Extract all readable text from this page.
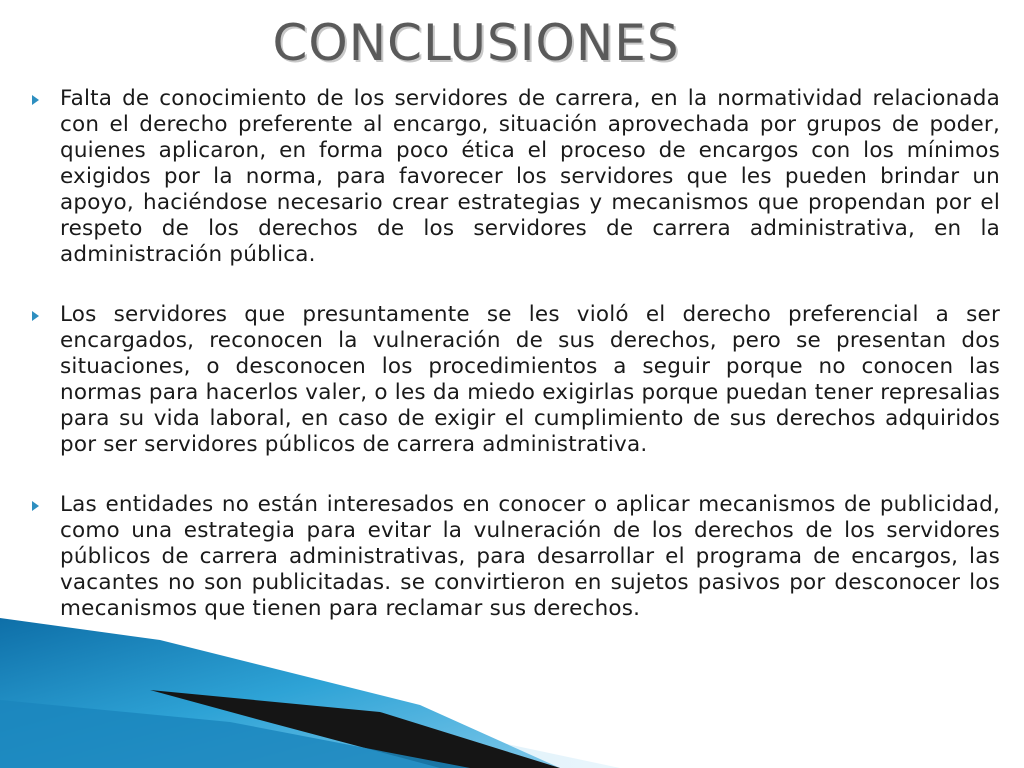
CONCLUSIONES

Falta de conocimiento de los servidores de carrera, en la normatividad relacionada con el derecho preferente al encargo, situación aprovechada por grupos de poder, quienes aplicaron, en forma poco ética el proceso de encargos con los mínimos exigidos por la norma, para favorecer los servidores que les pueden brindar un apoyo, haciéndose necesario crear estrategias y mecanismos que propendan por el respeto de los derechos de los servidores de carrera administrativa, en la administración pública.

Los servidores que presuntamente se les violó el derecho preferencial a ser encargados, reconocen la vulneración de sus derechos, pero se presentan dos situaciones, o desconocen los procedimientos a seguir porque no conocen las normas para hacerlos valer, o les da miedo exigirlas porque puedan tener represalias para su vida laboral, en caso de exigir el cumplimiento de sus derechos adquiridos por ser servidores públicos de carrera administrativa.

Las entidades no están interesados en conocer o aplicar mecanismos de publicidad, como una estrategia para evitar la vulneración de los derechos de los servidores públicos de carrera administrativas, para desarrollar el programa de encargos, las vacantes no son publicitadas. se convirtieron en sujetos pasivos por desconocer los mecanismos que tienen para reclamar sus derechos.
